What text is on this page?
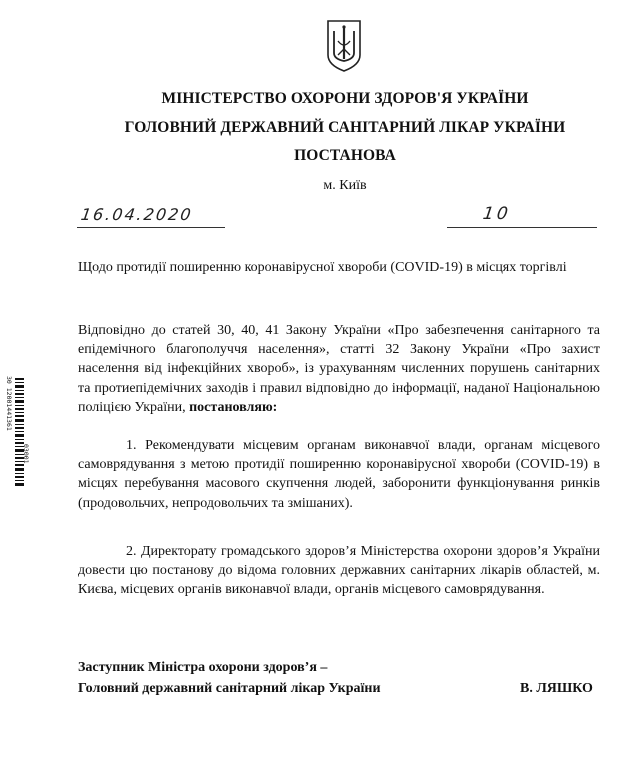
МІНІСТЕРСТВО ОХОРОНИ ЗДОРОВ'Я УКРАЇНИ
ГОЛОВНИЙ ДЕРЖАВНИЙ САНІТАРНИЙ ЛІКАР УКРАЇНИ
ПОСТАНОВА
м. Київ
16.04.2020	10
Щодо протидії поширенню коронавірусної хвороби (COVID-19) в місцях торгівлі
Відповідно до статей 30, 40, 41 Закону України «Про забезпечення санітарного та епідемічного благополуччя населення», статті 32 Закону України «Про захист населення від інфекційних хвороб», із урахуванням численних порушень санітарних та протиепідемічних заходів і правил відповідно до інформації, наданої Національною поліцією України, постановляю:
1. Рекомендувати місцевим органам виконавчої влади, органам місцевого самоврядування з метою протидії поширенню коронавірусної хвороби (COVID-19) в місцях перебування масового скупчення людей, заборонити функціонування ринків (продовольчих, непродовольчих та змішаних).
2. Директорату громадського здоров’я Міністерства охорони здоров’я України довести цю постанову до відома головних державних санітарних лікарів областей, м. Києва, місцевих органів виконавчої влади, органів місцевого самоврядування.
Заступник Міністра охорони здоров’я –
Головний державний санітарний лікар України	В. ЛЯШКО
30 12001441361
03001
